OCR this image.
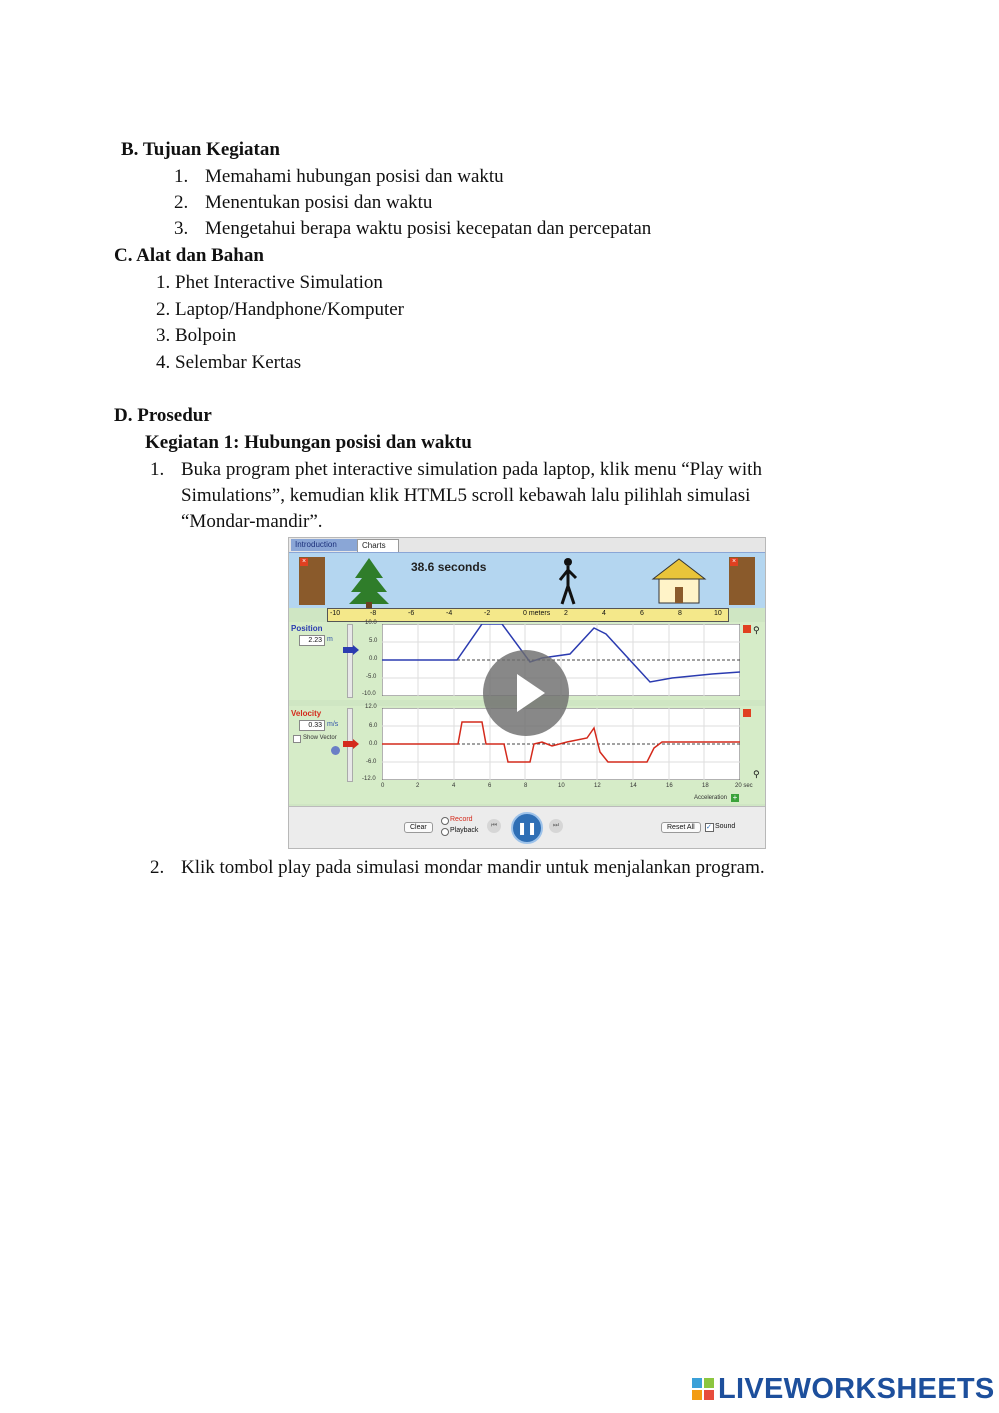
B. Tujuan Kegiatan
1. Memahami hubungan posisi dan waktu
2. Menentukan posisi dan waktu
3. Mengetahui berapa waktu posisi kecepatan dan percepatan
C. Alat dan Bahan
1. Phet Interactive Simulation
2. Laptop/Handphone/Komputer
3. Bolpoin
4. Selembar Kertas
D. Prosedur
Kegiatan 1: Hubungan posisi dan waktu
1. Buka program phet interactive simulation pada laptop, klik menu “Play with
Simulations”, kemudian klik HTML5 scroll kebawah lalu pilihlah simulasi
“Mondar-mandir”.
Introduction	Charts
×	×
38.6 seconds
-10	-8	-6	-4	-2	0 meters 2	4	6	8	10
Position
2.23 m
10.0
5.0
0.0
-5.0
-10.0
⚲
Velocity
0.33 m/s
Show Vector
12.0
6.0
0.0
-6.0
-12.0	⚲
0	2	4	6	8	10	12	14	16	18	20 sec
Acceleration +
Clear
Record
Playback
⏮	❚❚	⏭	Reset All	✓ Sound
2. Klik tombol play pada simulasi mondar mandir untuk menjalankan program.
LIVEWORKSHEETS
